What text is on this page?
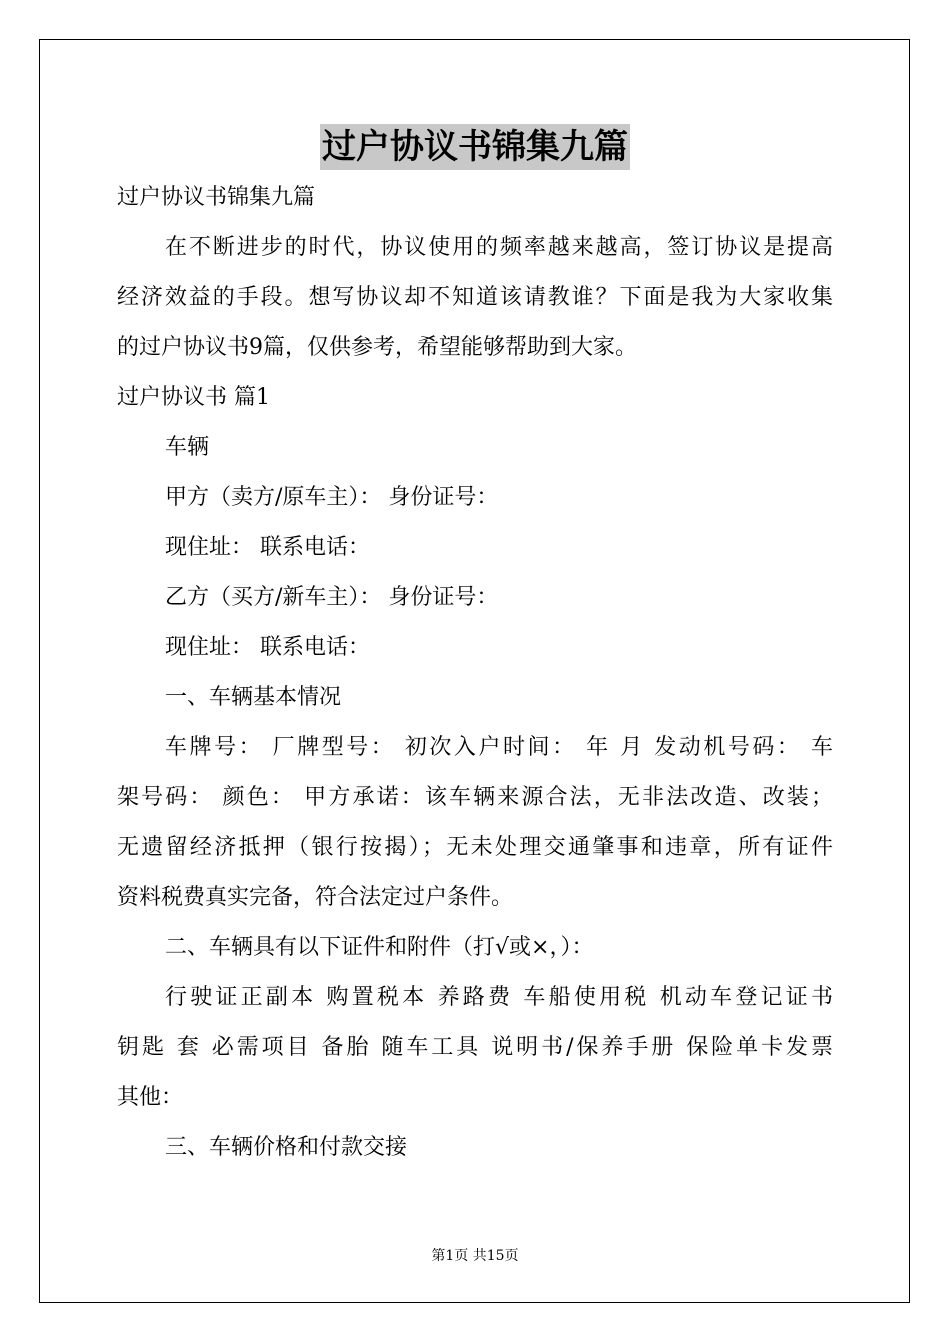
过户协议书锦集九篇
过户协议书锦集九篇
在不断进步的时代，协议使用的频率越来越高，签订协议是提高
经济效益的手段。想写协议却不知道该请教谁？下面是我为大家收集
的过户协议书9篇，仅供参考，希望能够帮助到大家。
过户协议书 篇1
车辆
甲方（卖方/原车主）： 身份证号：
现住址： 联系电话：
乙方（买方/新车主）： 身份证号：
现住址： 联系电话：
一、车辆基本情况
车牌号： 厂牌型号： 初次入户时间： 年 月 发动机号码： 车
架号码： 颜色： 甲方承诺：该车辆来源合法，无非法改造、改装；
无遗留经济抵押（银行按揭）；无未处理交通肇事和违章，所有证件
资料税费真实完备，符合法定过户条件。
二、车辆具有以下证件和附件（打√或×，）：
行驶证正副本 购置税本 养路费 车船使用税 机动车登记证书
钥匙 套 必需项目 备胎 随车工具 说明书/保养手册 保险单卡发票
其他：
三、车辆价格和付款交接
第1页 共15页
